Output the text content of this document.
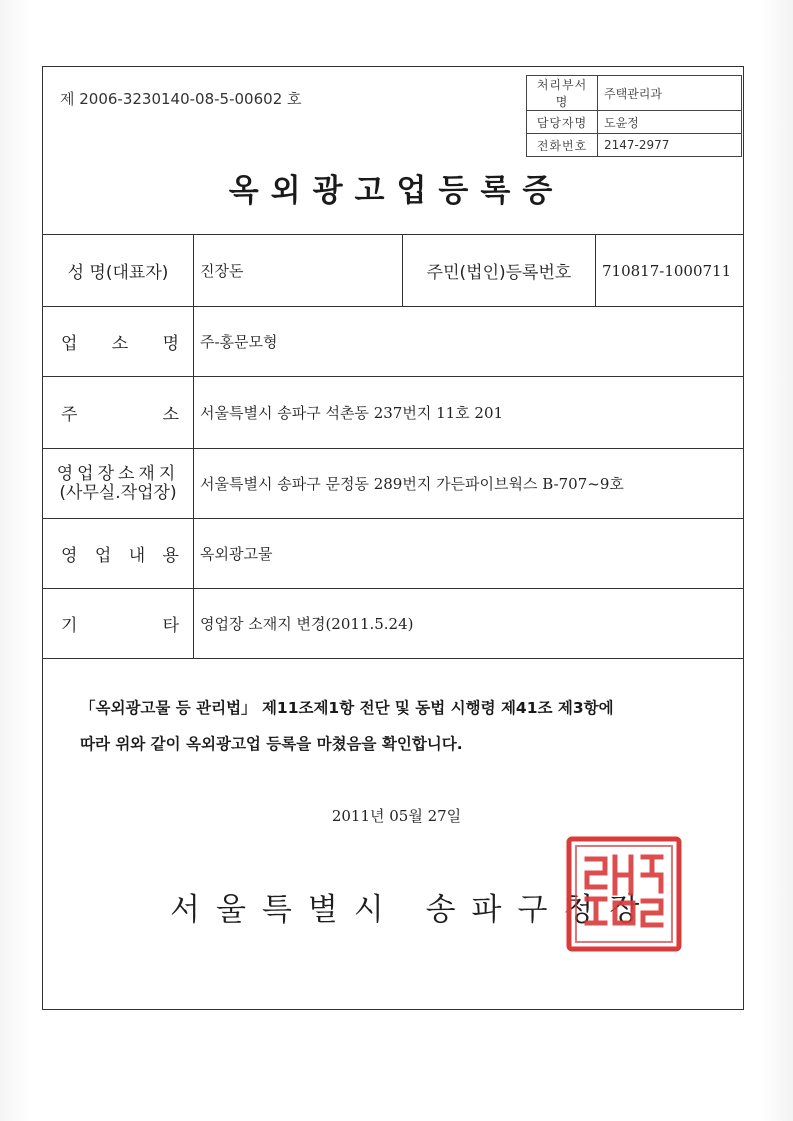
제 2006-3230140-08-5-00602 호
처리부서명	주택관리과
담당자명	도윤정
전화번호	2147-2977
옥외광고업등록증
성 명(대표자)	진장돈	주민(법인)등록번호	710817-1000711

업 소 명	주-홍문모형		

주 소	서울특별시 송파구 석촌동 237번지 11호 201		

영업장소재지
(사무실.작업장)	서울특별시 송파구 문정동 289번지 가든파이브웍스 B-707~9호		

영 업 내 용	옥외광고물		

기 타	영업장 소재지 변경(2011.5.24)		
「옥외광고물 등 관리법」 제11조제1항 전단 및 동법 시행령 제41조 제3항에
따라 위와 같이 옥외광고업 등록을 마쳤음을 확인합니다.
2011년 05월 27일
서울특별시 송파구청장
